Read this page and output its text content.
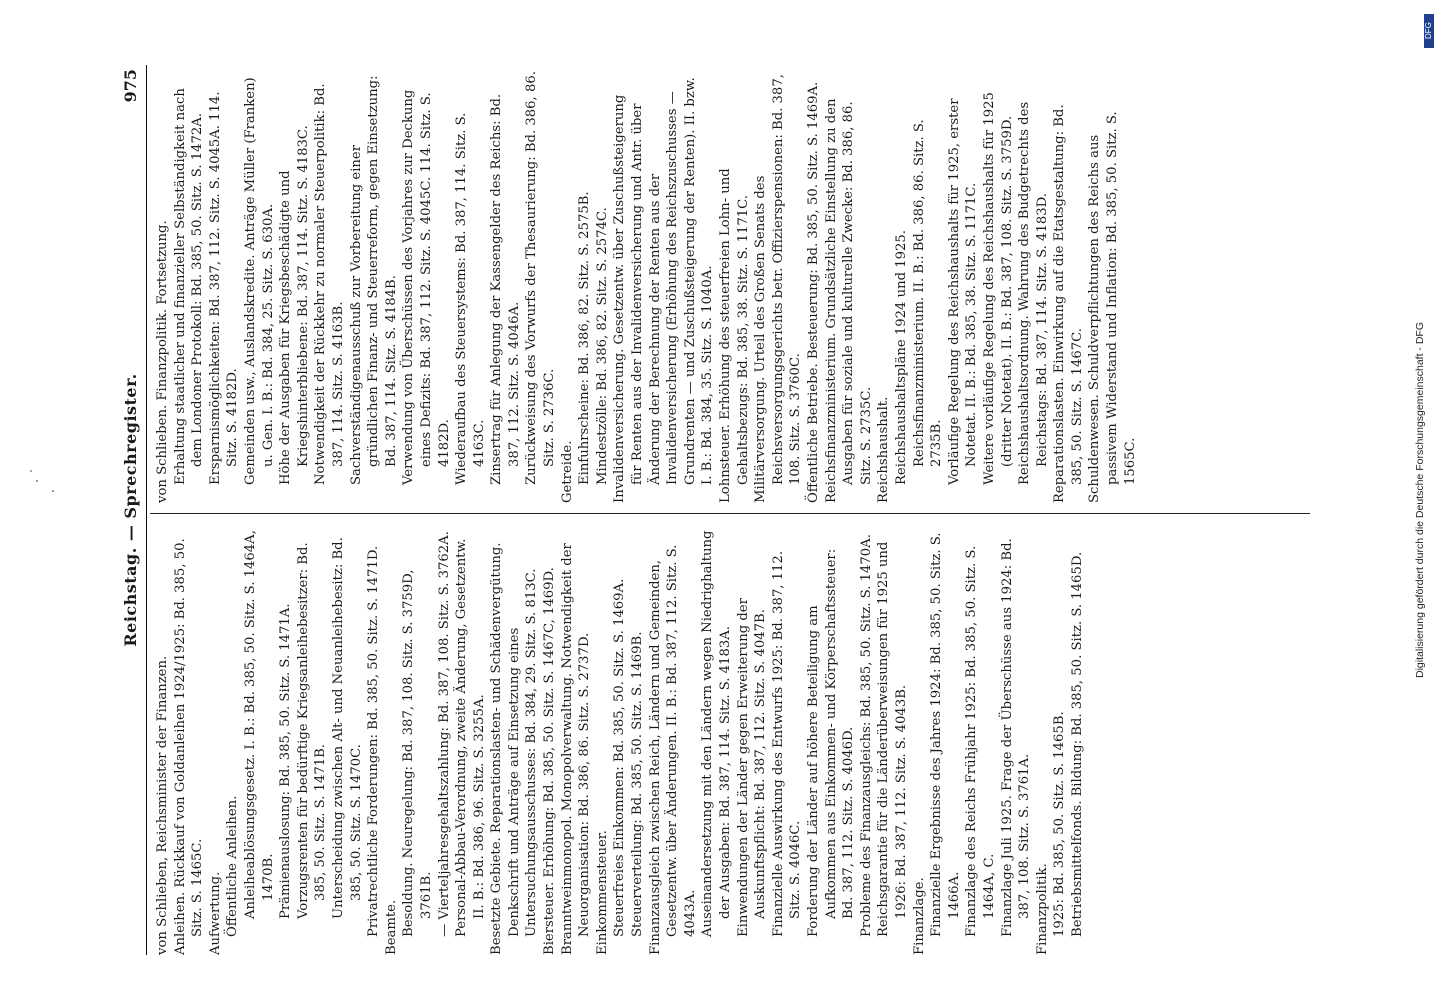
Reichstag. — Sprechregister.
975

von Schlieben, Reichsminister der Finanzen. Anleihen. Rückkauf von Goldanleihen 1924/1925: Bd. 385, 50. Sitz. S. 1465C. Aufwertung. Öffentliche Anleihen. Anleiheablösungsgesetz. I. B.: Bd. 385, 50. Sitz. S. 1464A, 1470B. Prämienauslosung: Bd. 385, 50. Sitz. S. 1471A. Vorzugsrenten für bedürftige Kriegsanleihebesitzer: Bd. 385, 50. Sitz. S. 1471B. Unterscheidung zwischen Alt- und Neuanleihebesitz: Bd. 385, 50. Sitz. S. 1470C. Privatrechtliche Forderungen: Bd. 385, 50. Sitz. S. 1471D. Beamte. Besoldung. Neuregelung: Bd. 387, 108. Sitz. S. 3759D, 3761B. — Vierteljahresgehaltszahlung: Bd. 387, 108. Sitz. S. 3762A. Personal-Abbau-Verordnung, zweite Änderung, Gesetzentw. II. B.: Bd. 386, 96. Sitz. S. 3255A. Besetzte Gebiete. Reparationslasten- und Schädenvergütung. Denkschrift und Anträge auf Einsetzung eines Untersuchungsausschusses: Bd. 384, 29. Sitz. S. 813C. Biersteuer. Erhöhung: Bd. 385, 50. Sitz. S. 1467C, 1469D. Branntweinmonopol. Monopolverwaltung. Notwendigkeit der Neuorganisation: Bd. 386, 86. Sitz. S. 2737D. Einkommensteuer. Steuerfreies Einkommen: Bd. 385, 50. Sitz. S. 1469A. Steuerverteilung: Bd. 385, 50. Sitz. S. 1469B. Finanzausgleich zwischen Reich, Ländern und Gemeinden, Gesetzentw. über Änderungen. II. B.: Bd. 387, 112. Sitz. S. 4043A. Auseinandersetzung mit den Ländern wegen Niedrighaltung der Ausgaben: Bd. 387, 114. Sitz. S. 4183A. Einwendungen der Länder gegen Erweiterung der Auskunftspflicht: Bd. 387, 112. Sitz. S. 4047B. Finanzielle Auswirkung des Entwurfs 1925: Bd. 387, 112. Sitz. S. 4046C. Forderung der Länder auf höhere Beteiligung am Aufkommen aus Einkommen- und Körperschaftssteuer: Bd. 387, 112. Sitz. S. 4046D. Probleme des Finanzausgleichs: Bd. 385, 50. Sitz. S. 1470A. Reichsgarantie für die Länderüberweisungen für 1925 und 1926: Bd. 387, 112. Sitz. S. 4043B. Finanzlage. Finanzielle Ergebnisse des Jahres 1924: Bd. 385, 50. Sitz. S. 1466A. Finanzlage des Reichs Frühjahr 1925: Bd. 385, 50. Sitz. S. 1464A, C. Finanzlage Juli 1925. Frage der Überschüsse aus 1924: Bd. 387, 108. Sitz. S. 3761A. Finanzpolitik. 1925: Bd. 385, 50. Sitz. S. 1465B. Betriebsmittelfonds. Bildung: Bd. 385, 50. Sitz. S. 1465D.

von Schlieben. Finanzpolitik. Fortsetzung. Erhaltung staatlicher und finanzieller Selbständigkeit nach dem Londoner Protokoll: Bd. 385, 50. Sitz. S. 1472A. Ersparnismöglichkeiten: Bd. 387, 112. Sitz. S. 4045A. 114. Sitz. S. 4182D. Gemeinden usw., Auslandskredite. Anträge Müller (Franken) u. Gen. I. B.: Bd. 384, 25. Sitz. S. 630A. Höhe der Ausgaben für Kriegsbeschädigte und Kriegshinterbliebene: Bd. 387, 114. Sitz. S. 4183C. Notwendigkeit der Rückkehr zu normaler Steuerpolitik: Bd. 387, 114. Sitz. S. 4163B. Sachverständigenausschuß zur Vorbereitung einer gründlichen Finanz- und Steuerreform, gegen Einsetzung: Bd. 387, 114. Sitz. S. 4184B. Verwendung von Überschüssen des Vorjahres zur Deckung eines Defizits: Bd. 387, 112. Sitz. S. 4045C. 114. Sitz. S. 4182D. Wiederaufbau des Steuersystems: Bd. 387, 114. Sitz. S. 4163C. Zinsertrag für Anlegung der Kassengelder des Reichs: Bd. 387, 112. Sitz. S. 4046A. Zurückweisung des Vorwurfs der Thesaurierung: Bd. 386, 86. Sitz. S. 2736C.

Getreide. Einfuhrscheine: Bd. 386, 82. Sitz. S. 2575B. Mindestzölle: Bd. 386, 82. Sitz. S. 2574C. Invalidenversicherung. Gesetzentw. über Zuschußsteigerung für Renten aus der Invalidenversicherung und Antr. über Änderung der Berechnung der Renten aus der Invalidenversicherung (Erhöhung des Reichszuschusses — Grundrenten — und Zuschußsteigerung der Renten). II. bzw. I. B.: Bd. 384, 35. Sitz. S. 1040A. Lohnsteuer. Erhöhung des steuerfreien Lohn- und Gehaltsbezugs: Bd. 385, 38. Sitz. S. 1171C. Militärversorgung. Urteil des Großen Senats des Reichsversorgungsgerichts betr. Offizierspensionen: Bd. 387, 108. Sitz. S. 3760C. Öffentliche Betriebe. Besteuerung: Bd. 385, 50. Sitz. S. 1469A. Reichsfinanzministerium. Grundsätzliche Einstellung zu den Ausgaben für soziale und kulturelle Zwecke: Bd. 386, 86. Sitz. S. 2735C. Reichshaushalt. Reichshaushaltspläne 1924 und 1925. Reichsfinanzministerium. II. B.: Bd. 386, 86. Sitz. S. 2735B. Vorläufige Regelung des Reichshaushalts für 1925, erster Notetat. II. B.: Bd. 385, 38. Sitz. S. 1171C. Weitere vorläufige Regelung des Reichshaushalts für 1925 (dritter Notetat). II. B.: Bd. 387, 108. Sitz. S. 3759D. Reichshaushaltsordnung. Wahrung des Budgetrechts des Reichstags: Bd. 387, 114. Sitz. S. 4183D. Reparationslasten. Einwirkung auf die Etatsgestaltung: Bd. 385, 50. Sitz. S. 1467C. Schuldenwesen. Schuldverpflichtungen des Reichs aus passivem Widerstand und Inflation: Bd. 385, 50. Sitz. S. 1565C.	Digitalisierung gefördert durch die Deutsche Forschungsgemeinschaft - DFG
DFG
